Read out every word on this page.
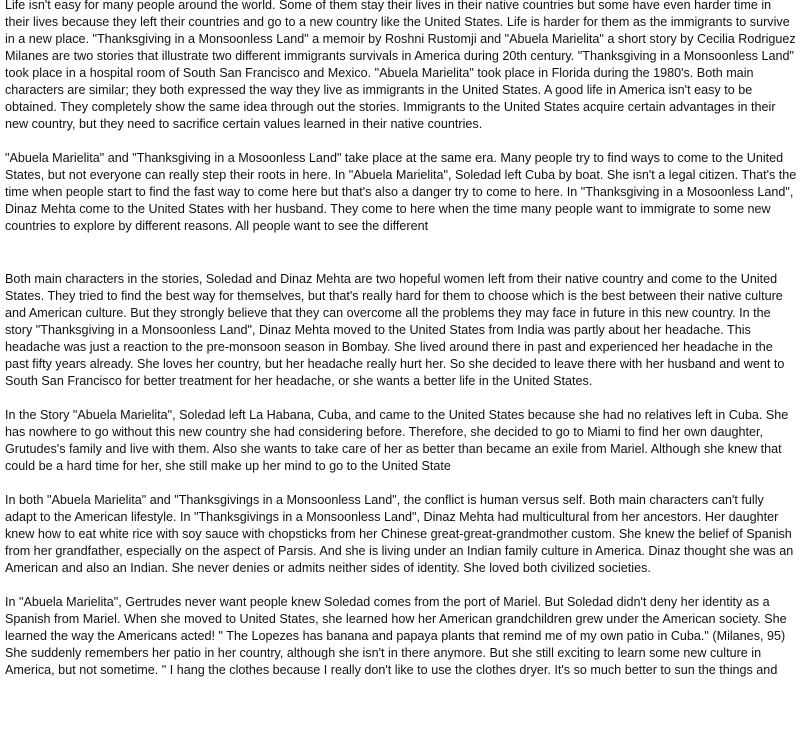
Life isn't easy for many people around the world. Some of them stay their lives in their native countries but some have even harder time in their lives because they left their countries and go to a new country like the United States. Life is harder for them as the immigrants to survive in a new place. "Thanksgiving in a Monsoonless Land" a memoir by Roshni Rustomji and "Abuela Marielita" a short story by Cecilia Rodriguez Milanes are two stories that illustrate two different immigrants survivals in America during 20th century. "Thanksgiving in a Monsoonless Land" took place in a hospital room of South San Francisco and Mexico. "Abuela Marielita" took place in Florida during the 1980's. Both main characters are similar; they both expressed the way they live as immigrants in the United States. A good life in America isn't easy to be obtained. They completely show the same idea through out the stories. Immigrants to the United States acquire certain advantages in their new country, but they need to sacrifice certain values learned in their native countries.

"Abuela Marielita" and "Thanksgiving in a Mosoonless Land" take place at the same era. Many people try to find ways to come to the United States, but not everyone can really step their roots in here. In "Abuela Marielita", Soledad left Cuba by boat. She isn't a legal citizen. That's the time when people start to find the fast way to come here but that's also a danger try to come to here. In "Thanksgiving in a Mosoonless Land", Dinaz Mehta come to the United States with her husband. They come to here when the time many people want to immigrate to some new countries to explore by different reasons. All people want to see the different

Both main characters in the stories, Soledad and Dinaz Mehta are two hopeful women left from their native country and come to the United States. They tried to find the best way for themselves, but that's really hard for them to choose which is the best between their native culture and American culture. But they strongly believe that they can overcome all the problems they may face in future in this new country. In the story "Thanksgiving in a Monsoonless Land", Dinaz Mehta moved to the United States from India was partly about her headache. This headache was just a reaction to the pre-monsoon season in Bombay. She lived around there in past and experienced her headache in the past fifty years already. She loves her country, but her headache really hurt her. So she decided to leave there with her husband and went to South San Francisco for better treatment for her headache, or she wants a better life in the United States.

In the Story "Abuela Marielita", Soledad left La Habana, Cuba, and came to the United States because she had no relatives left in Cuba. She has nowhere to go without this new country she had considering before. Therefore, she decided to go to Miami to find her own daughter, Grutudes's family and live with them. Also she wants to take care of her as better than became an exile from Mariel. Although she knew that could be a hard time for her, she still make up her mind to go to the United State

In both "Abuela Marielita" and "Thanksgivings in a Monsoonless Land", the conflict is human versus self. Both main characters can't fully adapt to the American lifestyle. In "Thanksgivings in a Monsoonless Land", Dinaz Mehta had multicultural from her ancestors. Her daughter knew how to eat white rice with soy sauce with chopsticks from her Chinese great-great-grandmother custom. She knew the belief of Spanish from her grandfather, especially on the aspect of Parsis. And she is living under an Indian family culture in America. Dinaz thought she was an American and also an Indian. She never denies or admits neither sides of identity. She loved both civilized societies.

In "Abuela Marielita", Gertrudes never want people knew Soledad comes from the port of Mariel. But Soledad didn't deny her identity as a Spanish from Mariel. When she moved to United States, she learned how her American grandchildren grew under the American society. She learned the way the Americans acted! " The Lopezes has banana and papaya plants that remind me of my own patio in Cuba." (Milanes, 95) She suddenly remembers her patio in her country, although she isn't in there anymore. But she still exciting to learn some new culture in America, but not sometime. " I hang the clothes because I really don't like to use the clothes dryer. It's so much better to sun the things and
